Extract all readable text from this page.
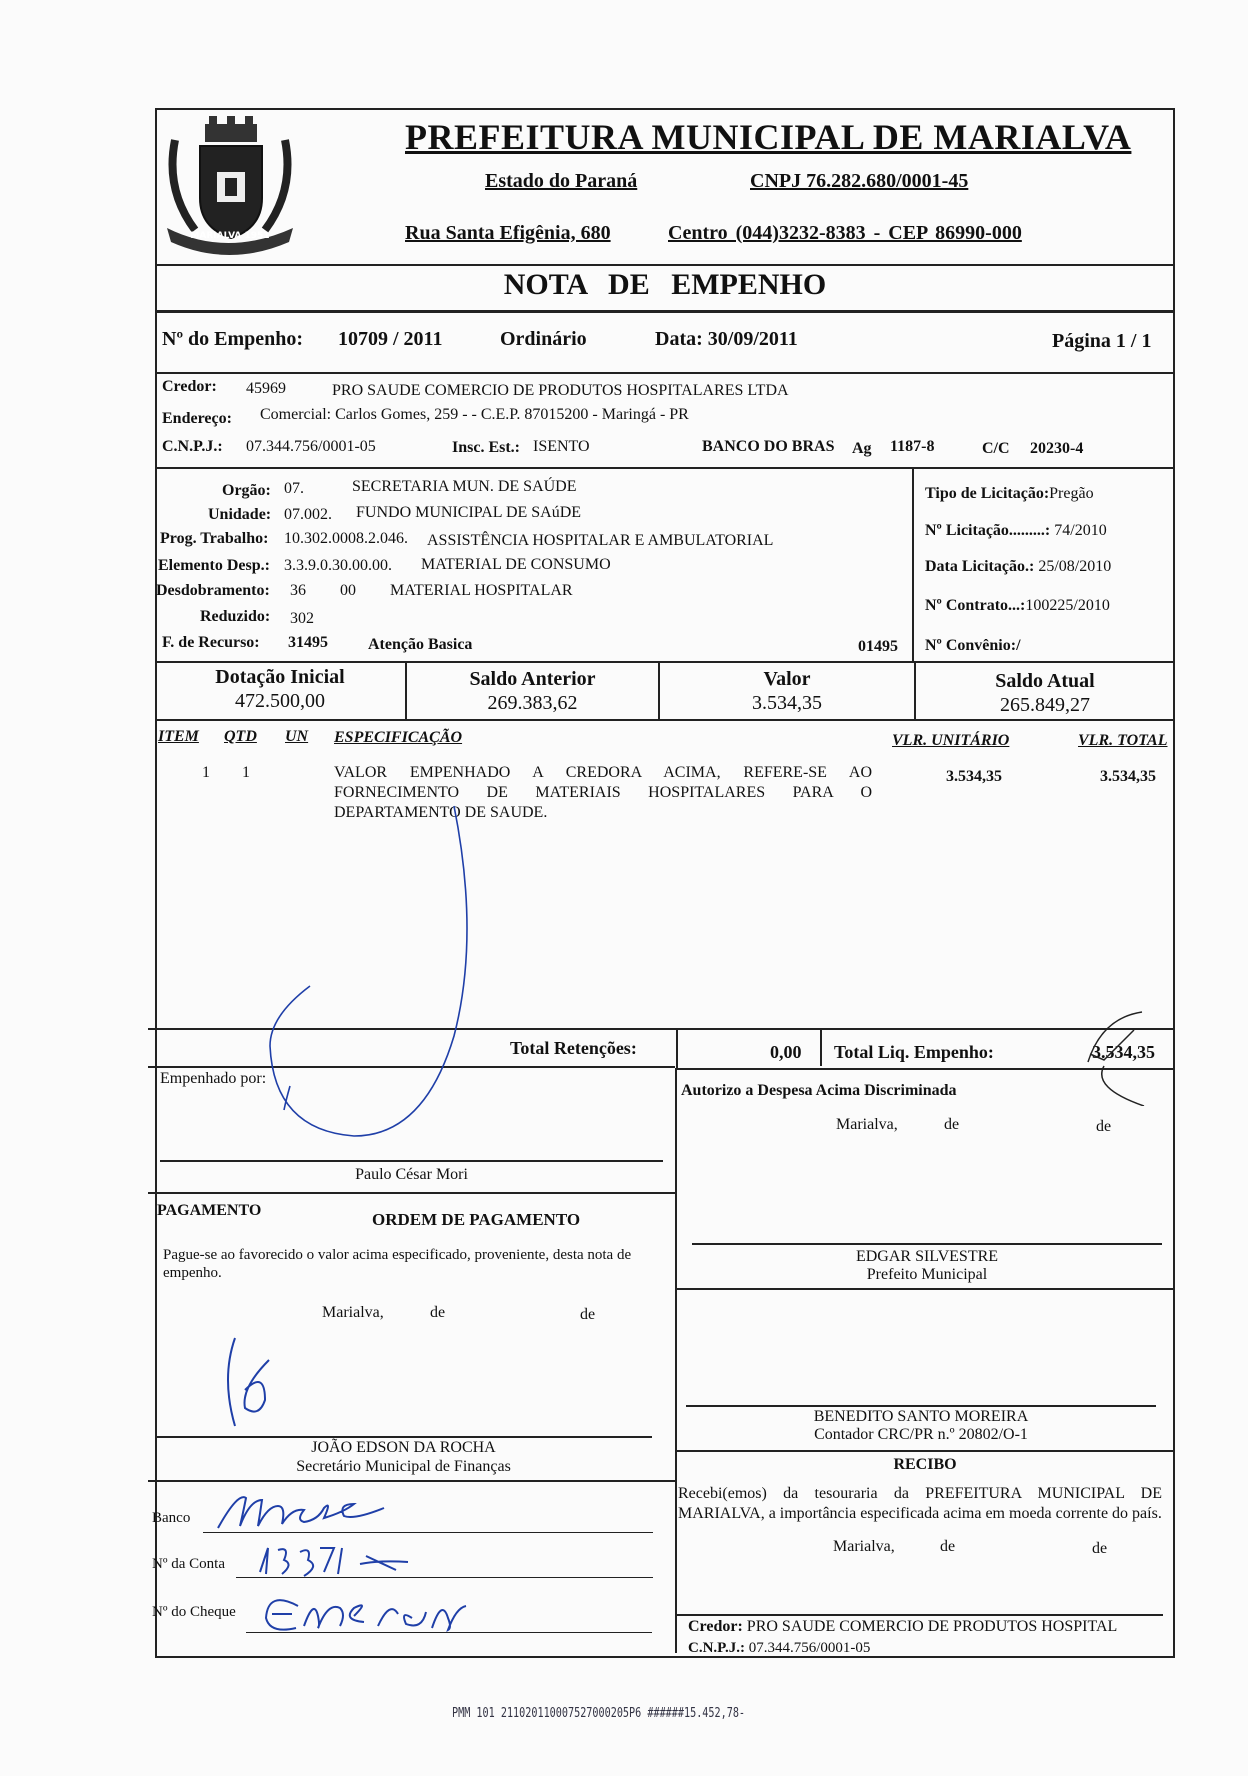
MARIALVA 1951
PREFEITURA MUNICIPAL DE MARIALVA
Estado do Paraná	CNPJ 76.282.680/0001-45
Rua Santa Efigênia, 680	Centro (044)3232-8383 - CEP 86990-000
NOTA DE EMPENHO
Nº do Empenho: 10709 / 2011	Ordinário	Data: 30/09/2011	Página 1 / 1
Credor: 45969	PRO SAUDE COMERCIO DE PRODUTOS HOSPITALARES LTDA
Endereço: Comercial: Carlos Gomes, 259 - - C.E.P. 87015200 - Maringá - PR
C.N.P.J.: 07.344.756/0001-05	Insc. Est.: ISENTO	BANCO DO BRAS Ag 1187-8	C/C 20230-4
Orgão: 07.	SECRETARIA MUN. DE SAÚDE
Unidade: 07.002. FUNDO MUNICIPAL DE SAúDE
Prog. Trabalho: 10.302.0008.2.046. ASSISTÊNCIA HOSPITALAR E AMBULATORIAL
Elemento Desp.: 3.3.9.0.30.00.00. MATERIAL DE CONSUMO
Desdobramento: 36 00 MATERIAL HOSPITALAR
Reduzido: 302
F. de Recurso: 31495	Atenção Basica	01495
Tipo de Licitação:Pregão
Nº Licitação.........: 74/2010
Data Licitação.: 25/08/2010
Nº Contrato...:100225/2010
Nº Convênio:/
Dotação Inicial
472.500,00
Saldo Anterior
269.383,62
Valor
3.534,35
Saldo Atual
265.849,27
ITEM QTD UN ESPECIFICAÇÃO	VLR. UNITÁRIO	VLR. TOTAL
1 1	VALOR EMPENHADO A CREDORA ACIMA, REFERE-SE AO
FORNECIMENTO DE MATERIAIS HOSPITALARES PARA O
DEPARTAMENTO DE SAUDE.
3.534,35	3.534,35
Total Retenções:	0,00 Total Liq. Empenho:	3.534,35
Empenhado por:
Paulo César Mori
PAGAMENTO	ORDEM DE PAGAMENTO
Pague-se ao favorecido o valor acima especificado, proveniente, desta nota de empenho.
Marialva,	de	de
JOÃO EDSON DA ROCHA
Secretário Municipal de Finanças
Banco
Nº da Conta
Nº do Cheque
Autorizo a Despesa Acima Discriminada
Marialva,	de	de
EDGAR SILVESTRE
Prefeito Municipal
BENEDITO SANTO MOREIRA
Contador CRC/PR n.º 20802/O-1
RECIBO
Recebi(emos) da tesouraria da PREFEITURA MUNICIPAL DE MARIALVA, a importância especificada acima em moeda corrente do país.
Marialva,	de	de
Credor: PRO SAUDE COMERCIO DE PRODUTOS HOSPITAL
C.N.P.J.: 07.344.756/0001-05
PMM 101 211020110007527000205P6 ######15.452,78-
